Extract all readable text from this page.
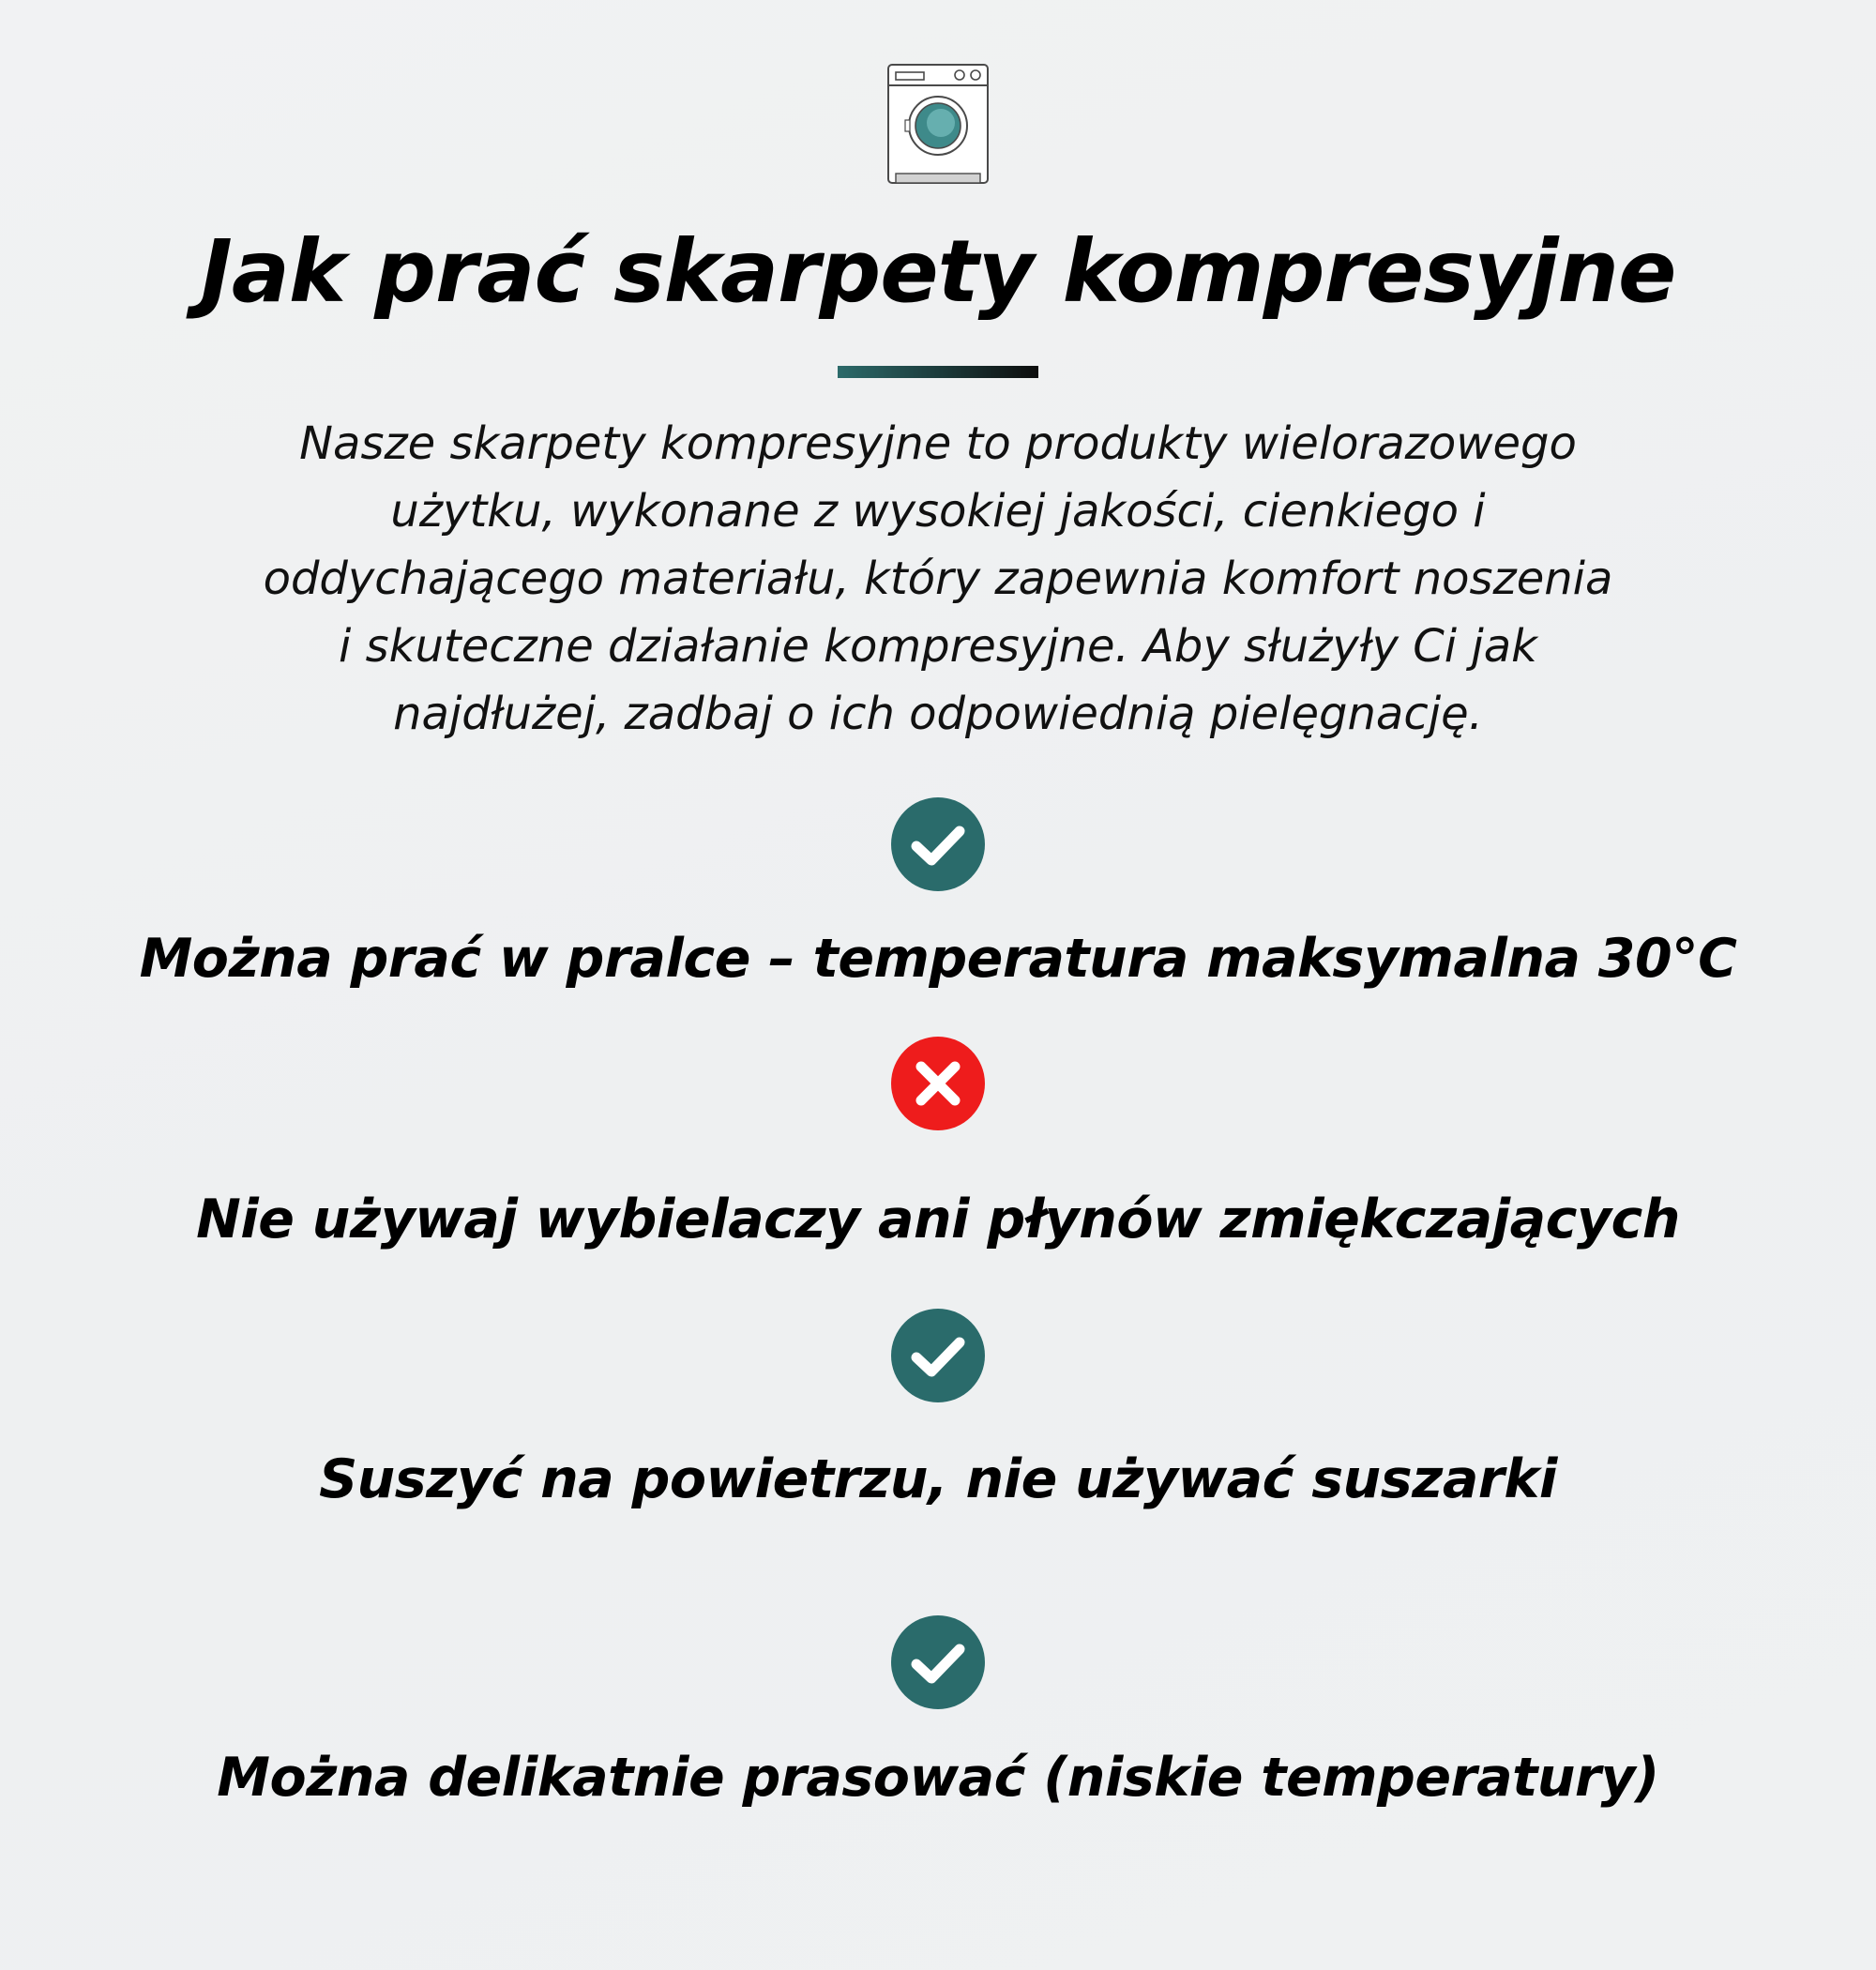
Jak prać skarpety kompresyjne

Nasze skarpety kompresyjne to produkty wielorazowego
użytku, wykonane z wysokiej jakości, cienkiego i
oddychającego materiału, który zapewnia komfort noszenia
i skuteczne działanie kompresyjne. Aby służyły Ci jak
najdłużej, zadbaj o ich odpowiednią pielęgnację.

Można prać w pralce – temperatura maksymalna 30°C

Nie używaj wybielaczy ani płynów zmiękczających

Suszyć na powietrzu, nie używać suszarki

Można delikatnie prasować (niskie temperatury)
